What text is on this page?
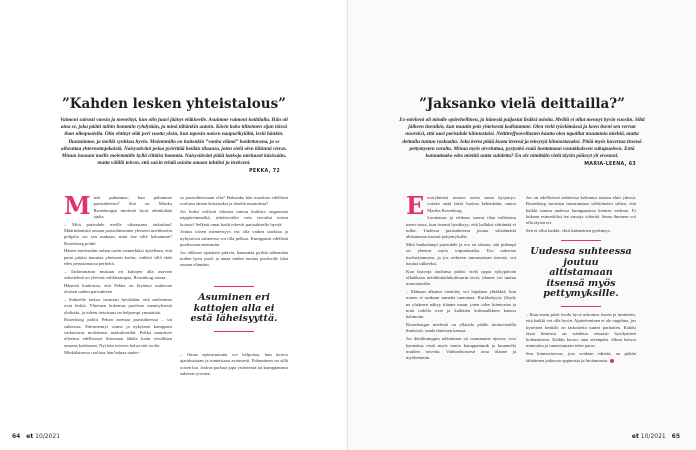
”Kahden lesken yhteistalous”
Vaimoni sairasti vuosia ja menehtyi, kun olin juuri jäänyt eläkkeelle. Asuimme vaimoni kotitilalla. Hän oli aina se, joka päätti mihin hommiin ryhdytään, ja minä tähänkin autoin. Kävin koko tilitoimen sijan töissä ihan ulkopuolella. Olin ehtinyt eläk peri vuotta yksin, kun tapasin naisen naapurikylältä, leski hänkin. Ihastuimme, ja meillä synkkaa hyvin. Molemmilla on kuitenkin ”vanha elämä” hoidettavana, ja se aiheuttaa yhteenottojakaisiä. Naisystäväni pelaa pyörittää heidän tilaansa, joten sielä olen lähinnä vieras. Minun luonani meille molemmille kyllä riittäisi hommia. Naisystäväni pitää lankoja mieluusti käsissään, mutta välillä toivon, että saisin tehdä asioita omaan tahtiini ja itsekseni.
PEKKA, 72

Mietä puhumme, kun puhumme parisuhteesta? Sitä on Marika Rosenborgin mielestä hyvä ehtinkäkää ajalta.

– Mitä parisuhde meille oikeastaan tarkoittaa? Määrittämiskö omaan parisuhteemme yleiseen mielikuviin pohjalta vai sen mukaan, mitä itse siltä haluamme? Rosenborg pohtii.

Hänen mielestään tarhan usein esimerkiksi ajatellaan, että parin pitäisi muuttaa yhteiseen kotiin, vaikkei sillä ehää edes perustamassa perheitä.

– Tarkimmaton mukaan eri kattojen alla asuvien sekoitelmä on yleensä välikkaampaa, Rosenborg toteaa.

Hänestä kuulostaa, että Pekka on löytänyt mukavan oloisen uuden parisuhteen.

– Suhteelle tarkoo varmasti hyvältään, että molemmat ovat leskiä. Yhteinen kokemus puolison menetyksestä yhdistää, ja tuleen tietoisuus on helpompi ymmärtää.

Rosenborg pohtii Pekan asemaa parisuhteessa – tai suhteissa. Edesmennyt vaimo ja nykyinen kumppani vaikuttavat molemmat määrätiertiltä. Pekka mainitsee olleensa edellisessä liitossaan lähäle kaiin sivullinen omassa kodissaan. Nyt hän toivoisi halua sitä roolia.

Minkälaisessa roolissa hän haluaa uudes-

sa parisuhteessaan olla? Haluaako hän muokata edellisen roolinsa tämän kertaiseksi ja ääreltä muutoksia?

Jos kuksi erillistä taloutta tuntuu kaikista ongaasista näppäreimmältä, riittäisivätkö vain vierailut toisen kotona? Selkeät omat kodit tekevät parisuhteelle hyvää.

Joskus toisen menneisyys voi olla vaikea unohtaa ja nykyisessä suhteessa voi olla pelkoa. Kumppanit edellisiä puolisoaan enemmän.

Jos tällaiset ajatukset pitävät, kannattaa pyrkiä näkemään niiden hyvä puoli ja antaa niiden tuottaa puolisolle tilaa omaan elämään.

Asuminen eri kattojen alla ei estä läheisyyttä.

– Omaa epävarmuutta voi helpottaa, kun kertoo ajatuksistaan ja tunteistaan avoimesti. Puhuminen on sillä toisen luo. Joskus parhaat jopa ystäviensä tai kumppaninsa suhteen syvenee.

64 et 10/2021
”Jaksanko vielä deittailla?”
Ex-miehenì oli mindle epärehellinen, ja hänestä puljastui lisäksi asioita. Meillä ei ollut mennyt hyvin vuosiin. Siltä jälkeen itsenikin, kun muutin pois yhteisestä kodistamme. Olen vielä työelämässä ja koen itseni sen verran nuoreksi, että uusi parisuhde kiinnostaisi. Nettitreffoovellusten kautta olen tapaillut muutamia miehiä, mutta deittailu tuntuu raskaalta. Joka kerta pitää kuota itsensä ja tekeytyä kiinnostavaksi. Pitää myös kuvertaa itsensä pettymysten varalta. Minua myös arveluttaa, pystynkö enää luottamaan vastakkaiseen sukupuoleen. Entä kannattaako edes miettiä uutta suhdetta? En ole nimittäin vielä täysin päässyt yli erostani.
MARIA-LEENA, 63

Eerotyhnissä nousee usein sama kysymys: voinko enää lakoi luottaa kehenkään, sanoo Marika Rosenborg.

Luottamus ja rehkeus saavat tilaa valheistsa usein vasta, kun itsensä hyväksyy, että hallaksi riittämää ei tullut. Uudessa parisuhteessa joutuu väistämättä altistamaan itsensä pettymyksille.

Mitä hankalampi parisuhde ja ero on takana, sitä pidempi on yleensä myös toipumisaika. Ero nakertaa itseluottamusta, ja jos erikseen tunnustetaan itsensä, voi hautua tulkeeksi.

Kun haavoja auolonsa pitäisi vielä oppia nykypäivän olkakkaan nettideittailukulttuurin tavat, tilanne voi tuntua masentavalta.

– Makaan alkanut vienttäty voi lopahtaa yhtäkkiä, kun toinen ei saakaan samalta tuntomaa. Kurkkuhyyty (löydy ne yhtäinen näkyy tilanne maan, joten tulee kiinnostaa ja mitä todella ovat ja kaikkien kolmaulkkien kanssa hahmoita.

Rosenborgin mielestä on yllaisila päälle tuottavamilla ihmisistä, saada ihmisten kanssa.

Jos deittikumppin tulkemmot tai saamamme ajoissa, vosi kannattaa etsiä myös muita kumppanmuk ja kuunnella muiden toiveita. Vaihtoehtoisesti oma tilanne ja myöhemmin.

Jos on edellisessä suhteessa kohtunut toistan ehtii ydessä, Rosenborg suosittaa tutustumaan välittömästi siihen, että kaikki tuntuu uudessa kumppanissa kenties vaikeaa. Ei kukaan esimerkiksi tee samoja virheitä. Sama ihminen voi olla täysin eri.

Sen ei ollut kaikki, ehtii käänteinen pyrkimys.

Uudessa suhteessa joutuu altistamaan itsensä myös pettymyksille.

– Ihan ensin pitää luoda hyvä uskomus itseen ja tunteisiin, että kaikki voi olla hyvin. Ajatteleminen ei ole ongelma, jos kyseinen henkilö on tarkoitettu tuntea parhaiten. Kaikki tässä ilmiössä on suhdetta viisaasti hyödyntäen kohtaukseen. Kaikki kertoo aina eteenpäin. Silmä katsoo minuuttia ja tunnistamaan tulee paras.

Sen kiinnostavuus, jota voidaan edistää, on pitkän tähtäimen jatkuvaa oppimista ja luottamusta.

et 10/2021 65
